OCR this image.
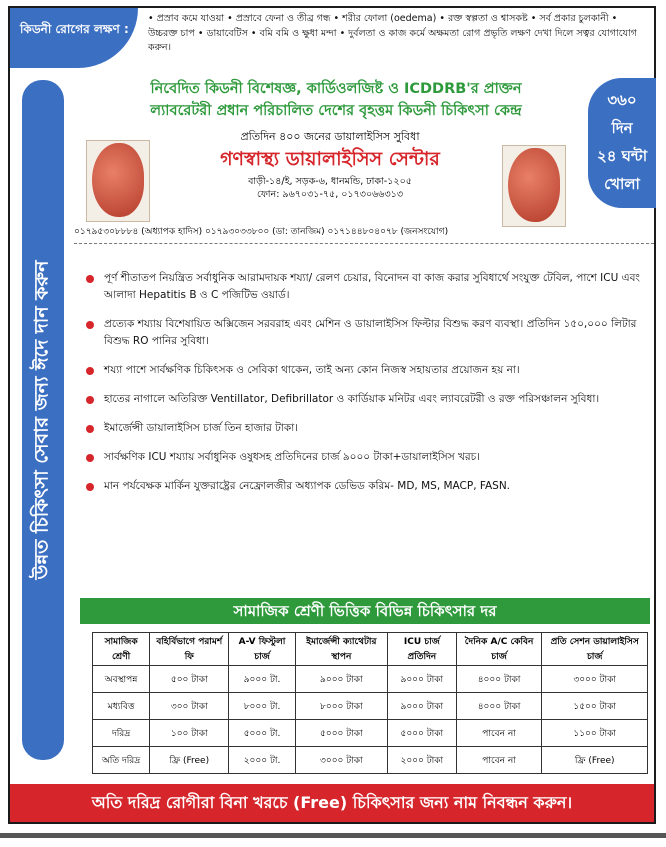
কিডনী রোগের লক্ষণ :
• প্রস্রাব কমে যাওয়া • প্রস্রাবে ফেনা ও তীব্র গন্ধ • শরীর ফোলা (oedema) • রক্ত স্বল্পতা ও শ্বাসকষ্ট • সর্ব প্রকার চুলকানী • উচ্চরক্ত চাপ • ডায়াবেটিস • বমি বমি ও ক্ষুধা মন্দা • দুর্বলতা ও কাজ কর্মে অক্ষমতা রোগ প্রভৃতি লক্ষণ দেখা দিলে সত্বর যোগাযোগ করুন।
উন্নত চিকিৎসা সেবার জন্য ঈদে দান করুন
নিবেদিত কিডনী বিশেষজ্ঞ, কার্ডিওলজিষ্ট ও ICDDRB'র প্রাক্তন
ল্যাবরেটরী প্রধান পরিচালিত দেশের বৃহত্তম কিডনী চিকিৎসা কেন্দ্র
৩৬০
দিন
২৪ ঘন্টা
খোলা
প্রতিদিন ৪০০ জনের ডায়ালাইসিস সুবিধা
গণস্বাস্থ্য ডায়ালাইসিস সেন্টার
বাড়ী-১৪/ই, সড়ক-৬, ধানমন্ডি, ঢাকা-১২০৫
ফোন: ৯৬৭০৩১-৭৫, ০১৭৩০৬৬৩১৩
০১৭৯৫৩০৮৮৮৪ (অধ্যাপক হাদিস) ০১৭৯৩০৩৩৮০০ (ডা: তানজিম) ০১৭১৪৪৮০৪০৭৮ (জনসংযোগ)
পূর্ণ শীতাতপ নিয়ন্ত্রিত সর্বাধুনিক আরামদায়ক শয্যা/ রেলণ চেয়ার, বিনোদন বা কাজ করার সুবিধার্থে সংযুক্ত টেবিল, পাশে ICU এবং আলাদা Hepatitis B ও C পজিটিভ ওয়ার্ড।
প্রত্যেক শয্যায় বিশেষায়িত অক্সিজেন সরবরাহ এবং মেশিন ও ডায়ালাইসিস ফিল্টার বিশুদ্ধ করণ ব্যবস্থা। প্রতিদিন ১৫০,০০০ লিটার বিশুদ্ধ RO পানির সুবিধা।
শয্যা পাশে সার্বক্ষণিক চিকিৎসক ও সেবিকা থাকেন, তাই অন্য কোন নিজস্ব সহায়তার প্রয়োজন হয় না।
হাতের নাগালে অতিরিক্ত Ventillator, Defibrillator ও কার্ডিয়াক মনিটর এবং ল্যাবরেটরী ও রক্ত পরিসঞ্চালন সুবিধা।
ইমার্জেন্সী ডায়ালাইসিস চার্জ তিন হাজার টাকা।
সার্বক্ষণিক ICU শয্যায় সর্বাধুনিক ওষুধসহ প্রতিদিনের চার্জ ৯০০০ টাকা+ডায়ালাইসিস খরচ।
মান পর্যবেক্ষক মার্কিন যুক্তরাষ্ট্রের নেফ্রোলজীর অধ্যাপক ডেভিড করিম- MD, MS, MACP, FASN.
সামাজিক শ্রেণী ভিত্তিক বিভিন্ন চিকিৎসার দর
সামাজিক শ্রেণী	বহির্বিভাগে পরামর্শ ফি	A-V ফিস্টুলা চার্জ	ইমার্জেন্সী ক্যাথেটার স্থাপন	ICU চার্জ প্রতিদিন	দৈনিক A/C কেবিন চার্জ	প্রতি সেশন ডায়ালাইসিস চার্জ
অবস্থাপন্ন	৫০০ টাকা	৯০০০ টা.	৯০০০ টাকা	৯০০০ টাকা	৪০০০ টাকা	৩০০০ টাকা
মধ্যবিত্ত	৩০০ টাকা	৮০০০ টা.	৮০০০ টাকা	৯০০০ টাকা	৪০০০ টাকা	১৫০০ টাকা
দরিদ্র	১০০ টাকা	৫০০০ টা.	৫০০০ টাকা	৫০০০ টাকা	পাবেন না	১১০০ টাকা
অতি দরিদ্র	ফ্রি (Free)	২০০০ টা.	৩০০০ টাকা	২০০০ টাকা	পাবেন না	ফ্রি (Free)
অতি দরিদ্র রোগীরা বিনা খরচে (Free) চিকিৎসার জন্য নাম নিবন্ধন করুন।
